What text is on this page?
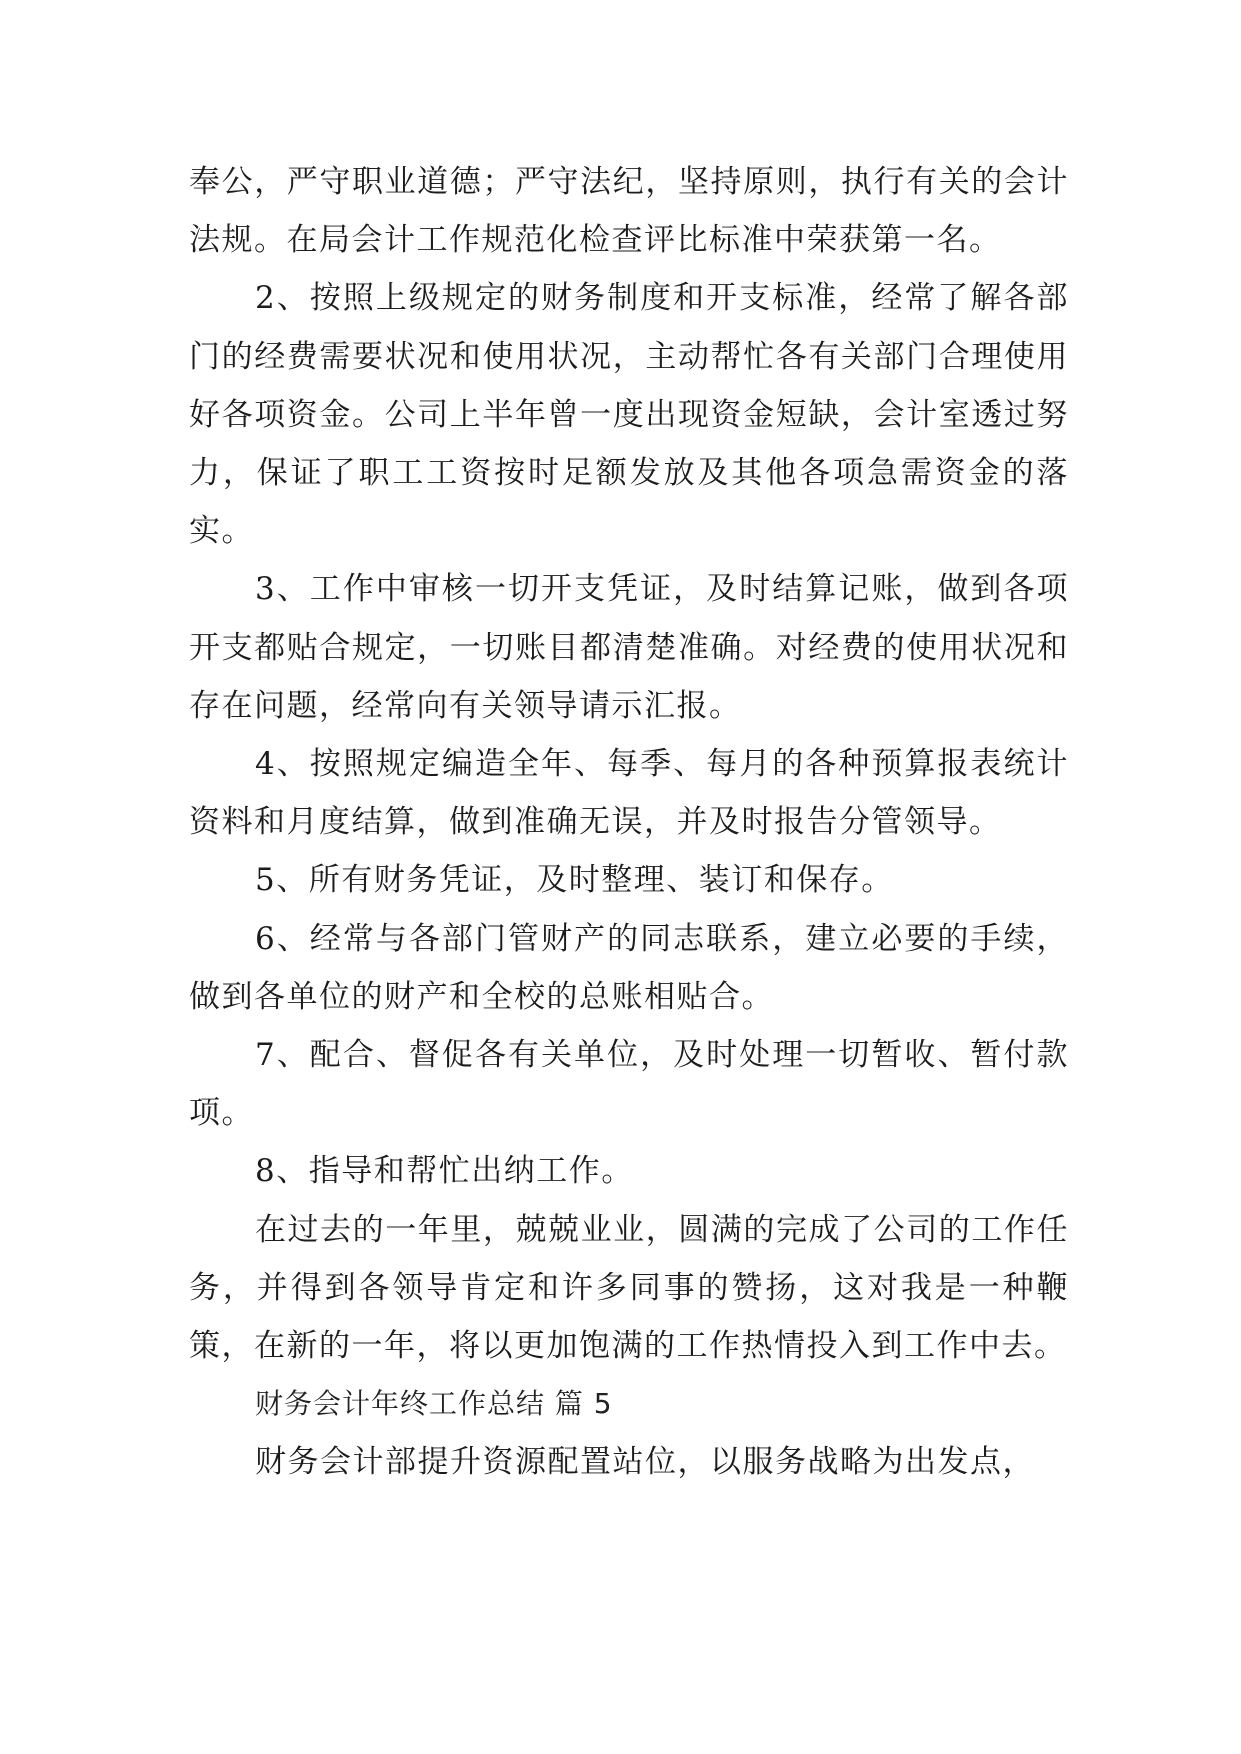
奉公，严守职业道德；严守法纪，坚持原则，执行有关的会计法规。在局会计工作规范化检查评比标准中荣获第一名。

2、按照上级规定的财务制度和开支标准，经常了解各部门的经费需要状况和使用状况，主动帮忙各有关部门合理使用好各项资金。公司上半年曾一度出现资金短缺，会计室透过努力，保证了职工工资按时足额发放及其他各项急需资金的落实。

3、工作中审核一切开支凭证，及时结算记账，做到各项开支都贴合规定，一切账目都清楚准确。对经费的使用状况和存在问题，经常向有关领导请示汇报。

4、按照规定编造全年、每季、每月的各种预算报表统计资料和月度结算，做到准确无误，并及时报告分管领导。

5、所有财务凭证，及时整理、装订和保存。

6、经常与各部门管财产的同志联系，建立必要的手续，做到各单位的财产和全校的总账相贴合。

7、配合、督促各有关单位，及时处理一切暂收、暂付款项。

8、指导和帮忙出纳工作。

在过去的一年里，兢兢业业，圆满的完成了公司的工作任务，并得到各领导肯定和许多同事的赞扬，这对我是一种鞭策，在新的一年，将以更加饱满的工作热情投入到工作中去。

财务会计年终工作总结 篇 5

财务会计部提升资源配置站位，以服务战略为出发点，
